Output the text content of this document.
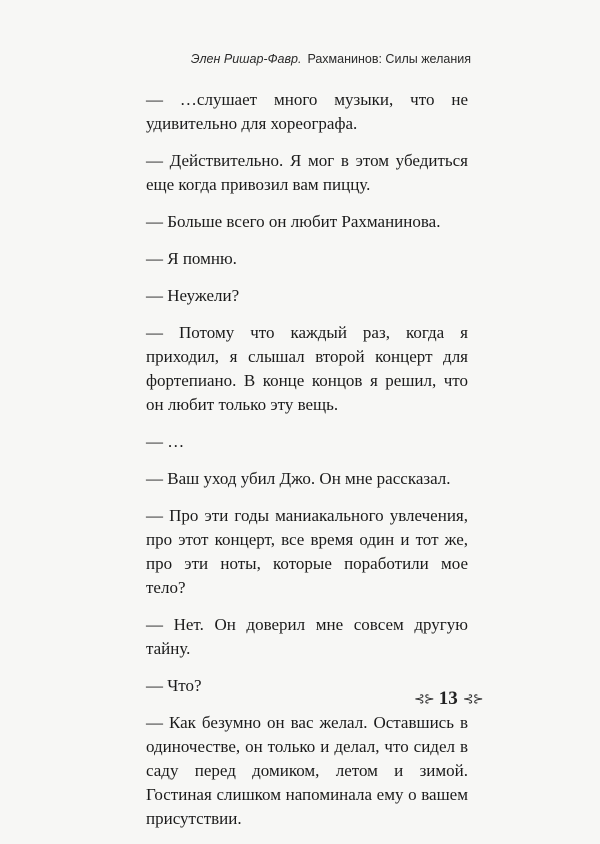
Элен Ришар-Фавр. Рахманинов: Силы желания

— …слушает много музыки, что не удивительно для хореографа.

— Действительно. Я мог в этом убедиться еще когда привозил вам пиццу.

— Больше всего он любит Рахманинова.

— Я помню.

— Неужели?

— Потому что каждый раз, когда я приходил, я слышал второй концерт для фортепиано. В конце концов я решил, что он любит только эту вещь.

— …

— Ваш уход убил Джо. Он мне рассказал.

— Про эти годы маниакального увлечения, про этот концерт, все время один и тот же, про эти ноты, которые поработили мое тело?

— Нет. Он доверил мне совсем другую тайну.

— Что?

— Как безумно он вас желал. Оставшись в одиночестве, он только и делал, что сидел в саду перед домиком, летом и зимой. Гостиная слишком напоминала ему о вашем присутствии.

⊰⊱ 13 ⊰⊱
